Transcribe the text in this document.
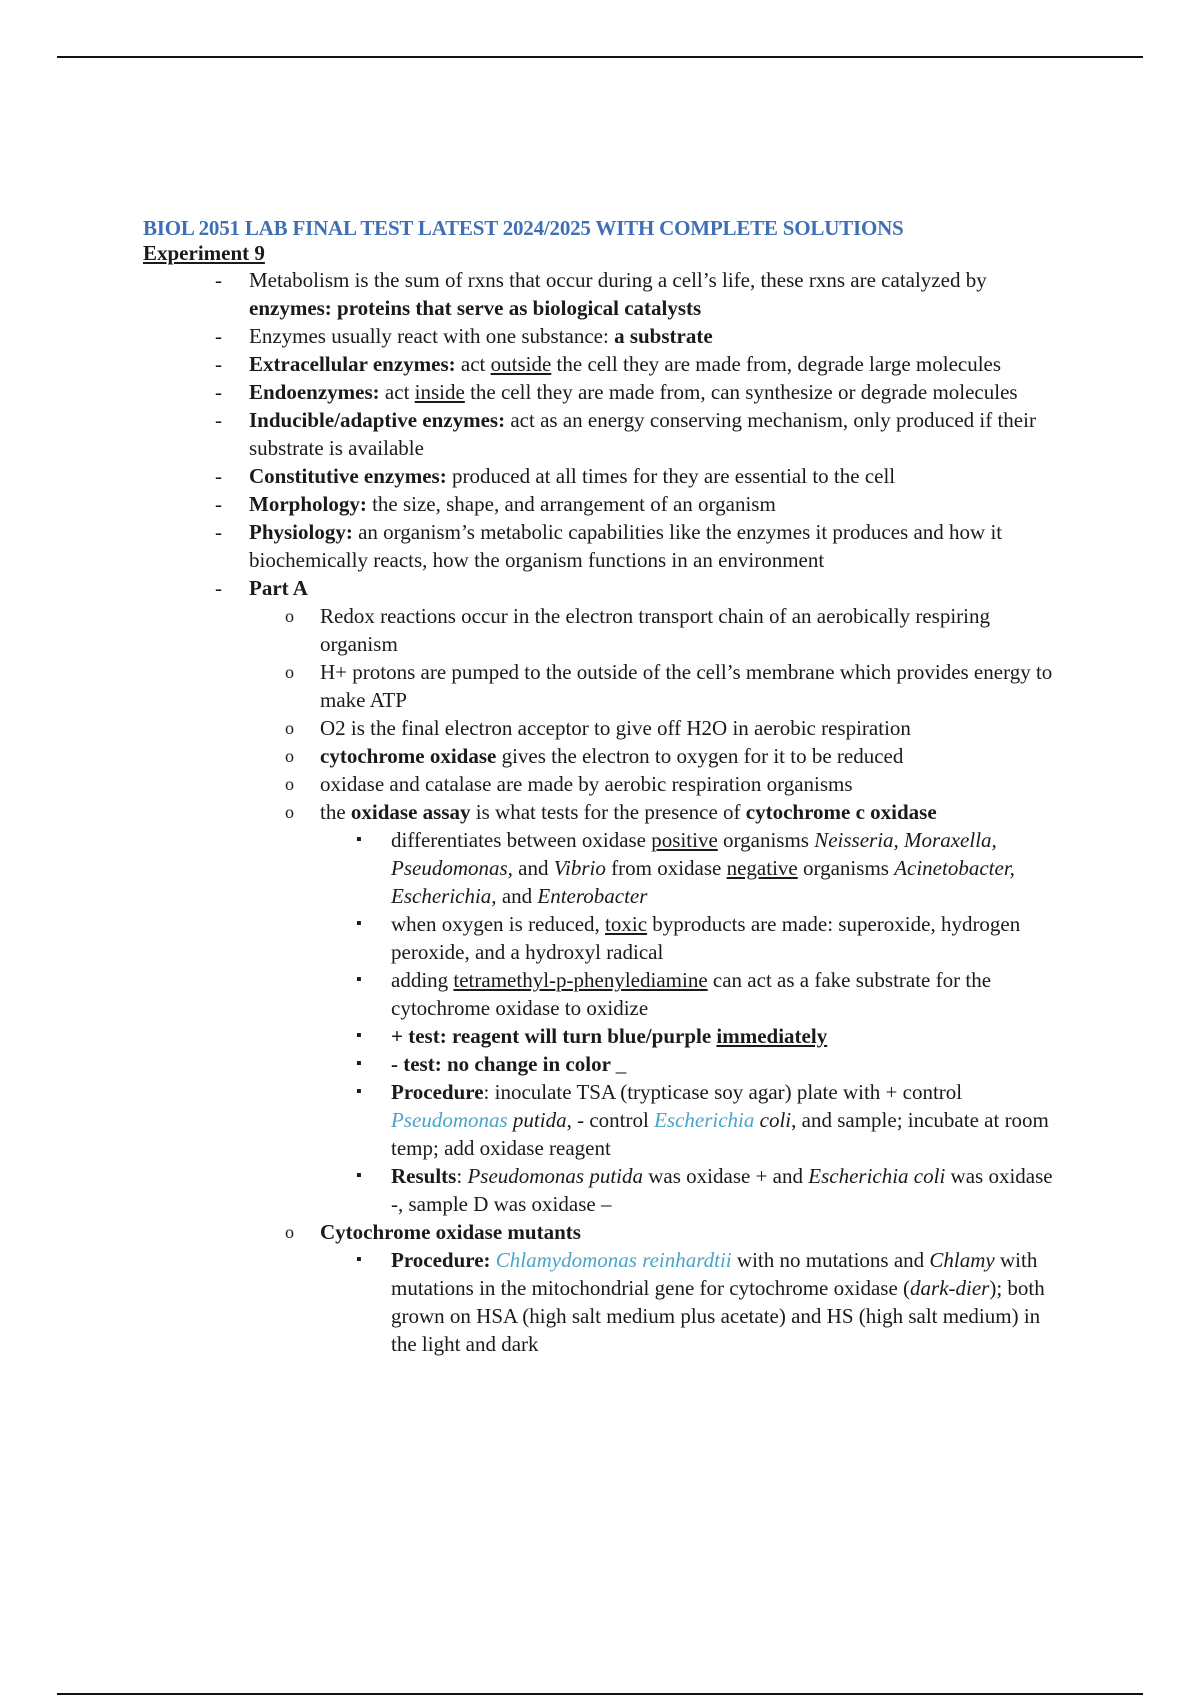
BIOL 2051 LAB FINAL TEST LATEST 2024/2025 WITH COMPLETE SOLUTIONS

Experiment 9

- Metabolism is the sum of rxns that occur during a cell’s life, these rxns are catalyzed by enzymes: proteins that serve as biological catalysts
- Enzymes usually react with one substance: a substrate
- Extracellular enzymes: act outside the cell they are made from, degrade large molecules
- Endoenzymes: act inside the cell they are made from, can synthesize or degrade molecules
- Inducible/adaptive enzymes: act as an energy conserving mechanism, only produced if their substrate is available
- Constitutive enzymes: produced at all times for they are essential to the cell
- Morphology: the size, shape, and arrangement of an organism
- Physiology: an organism’s metabolic capabilities like the enzymes it produces and how it biochemically reacts, how the organism functions in an environment
- Part A
o Redox reactions occur in the electron transport chain of an aerobically respiring organism
o H+ protons are pumped to the outside of the cell’s membrane which provides energy to make ATP
o O2 is the final electron acceptor to give off H2O in aerobic respiration
o cytochrome oxidase gives the electron to oxygen for it to be reduced
o oxidase and catalase are made by aerobic respiration organisms
o the oxidase assay is what tests for the presence of cytochrome c oxidase
▪ differentiates between oxidase positive organisms Neisseria, Moraxella, Pseudomonas, and Vibrio from oxidase negative organisms Acinetobacter, Escherichia, and Enterobacter
▪ when oxygen is reduced, toxic byproducts are made: superoxide, hydrogen peroxide, and a hydroxyl radical
▪ adding tetramethyl-p-phenylediamine can act as a fake substrate for the cytochrome oxidase to oxidize
▪ + test: reagent will turn blue/purple immediately
▪ - test: no change in color _
▪ Procedure: inoculate TSA (trypticase soy agar) plate with + control Pseudomonas putida, - control Escherichia coli, and sample; incubate at room temp; add oxidase reagent
▪ Results: Pseudomonas putida was oxidase + and Escherichia coli was oxidase -, sample D was oxidase –
o Cytochrome oxidase mutants
▪ Procedure: Chlamydomonas reinhardtii with no mutations and Chlamy with mutations in the mitochondrial gene for cytochrome oxidase (dark-dier); both grown on HSA (high salt medium plus acetate) and HS (high salt medium) in the light and dark
